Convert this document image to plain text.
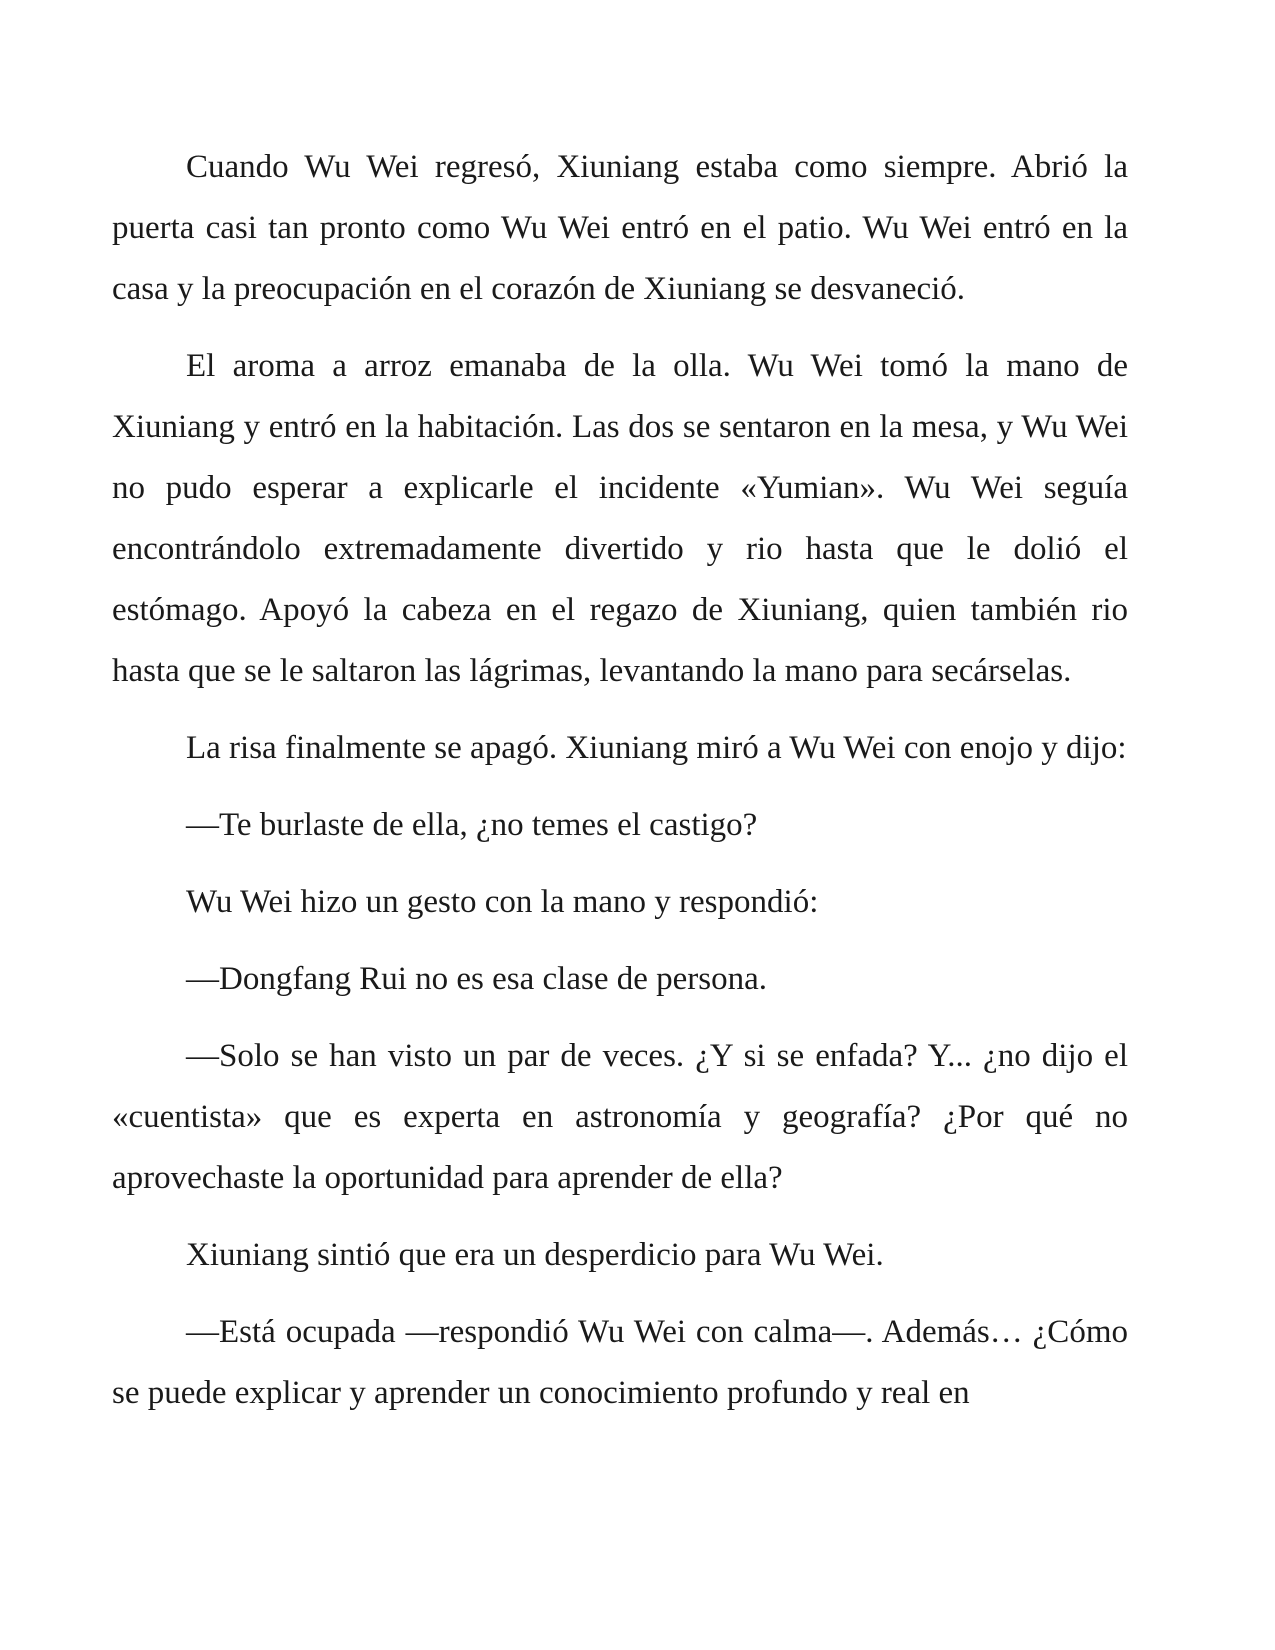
Cuando Wu Wei regresó, Xiuniang estaba como siempre. Abrió la puerta casi tan pronto como Wu Wei entró en el patio. Wu Wei entró en la casa y la preocupación en el corazón de Xiuniang se desvaneció.

El aroma a arroz emanaba de la olla. Wu Wei tomó la mano de Xiuniang y entró en la habitación. Las dos se sentaron en la mesa, y Wu Wei no pudo esperar a explicarle el incidente «Yumian». Wu Wei seguía encontrándolo extremadamente divertido y rio hasta que le dolió el estómago. Apoyó la cabeza en el regazo de Xiuniang, quien también rio hasta que se le saltaron las lágrimas, levantando la mano para secárselas.

La risa finalmente se apagó. Xiuniang miró a Wu Wei con enojo y dijo:

—Te burlaste de ella, ¿no temes el castigo?

Wu Wei hizo un gesto con la mano y respondió:

—Dongfang Rui no es esa clase de persona.

—Solo se han visto un par de veces. ¿Y si se enfada? Y... ¿no dijo el «cuentista» que es experta en astronomía y geografía? ¿Por qué no aprovechaste la oportunidad para aprender de ella?

Xiuniang sintió que era un desperdicio para Wu Wei.

—Está ocupada —respondió Wu Wei con calma—. Además… ¿Cómo se puede explicar y aprender un conocimiento profundo y real en
